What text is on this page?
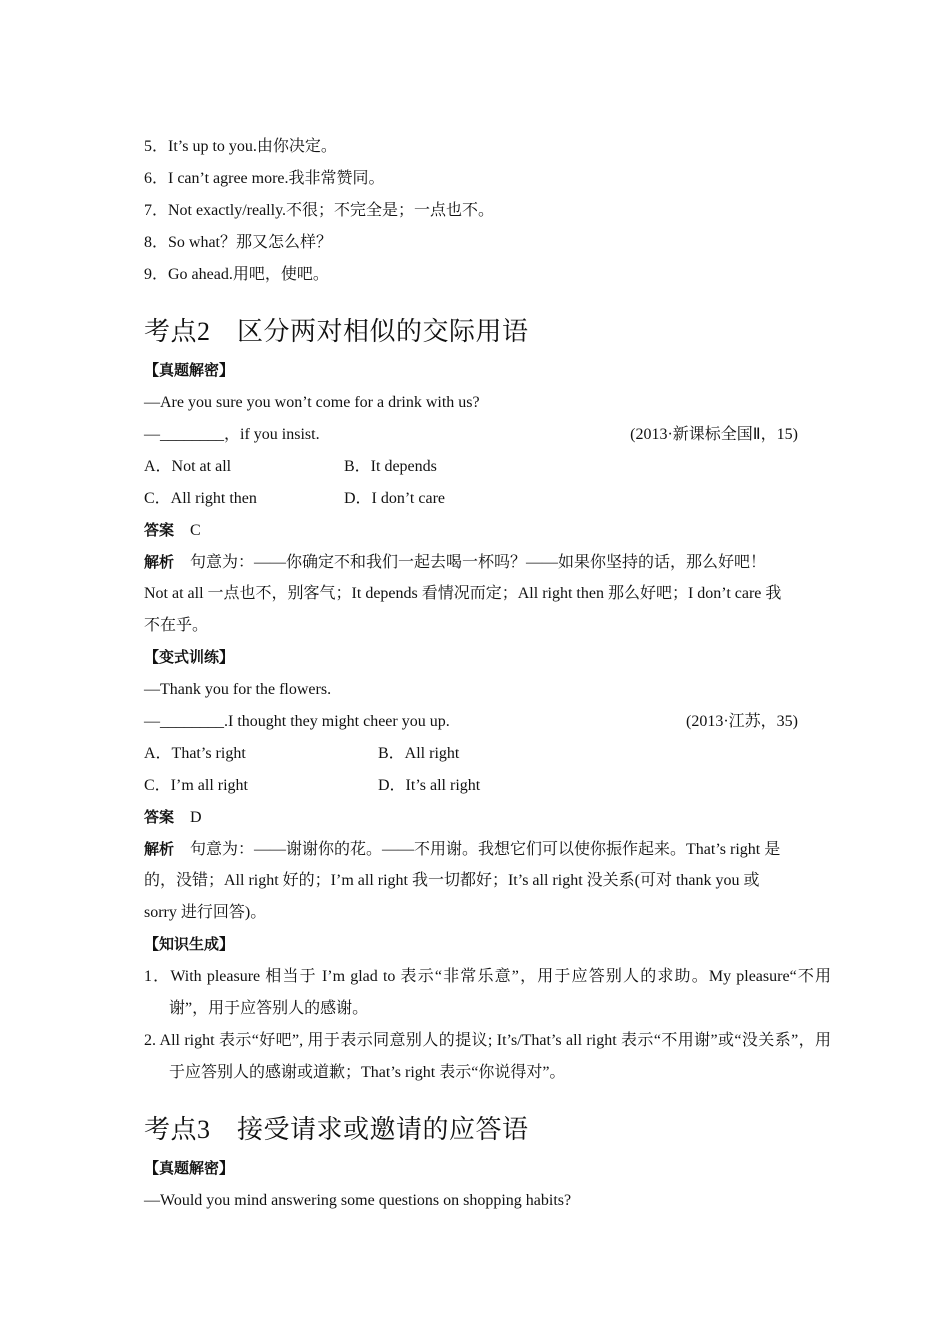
5．It’s up to you.由你决定。
6．I can’t agree more.我非常赞同。
7．Not exactly/really.不很；不完全是；一点也不。
8．So what？那又怎么样？
9．Go ahead.用吧，使吧。
考点2　区分两对相似的交际用语
【真题解密】
—Are you sure you won’t come for a drink with us?
—________，if you insist.	(2013·新课标全国Ⅱ，15)
A．Not at all	B．It depends
C．All right then	D．I don’t care
答案 C
解析 句意为：——你确定不和我们一起去喝一杯吗？——如果你坚持的话，那么好吧！
Not at all 一点也不，别客气；It depends 看情况而定；All right then 那么好吧；I don’t care 我
不在乎。
【变式训练】
—Thank you for the flowers.
—________.I thought they might cheer you up.	(2013·江苏，35)
A．That’s right	B．All right
C．I’m all right	D．It’s all right
答案 D
解析 句意为：——谢谢你的花。——不用谢。我想它们可以使你振作起来。That’s right 是
的，没错；All right 好的；I’m all right 我一切都好；It’s all right 没关系(可对 thank you 或
sorry 进行回答)。
【知识生成】
1．With pleasure 相当于 I’m glad to 表示“非常乐意”，用于应答别人的求助。My pleasure“不用谢”，用于应答别人的感谢。
2. All right 表示“好吧”, 用于表示同意别人的提议; It’s/That’s all right 表示“不用谢”或“没关系”，用于应答别人的感谢或道歉；That’s right 表示“你说得对”。
考点3　接受请求或邀请的应答语
【真题解密】
—Would you mind answering some questions on shopping habits?
